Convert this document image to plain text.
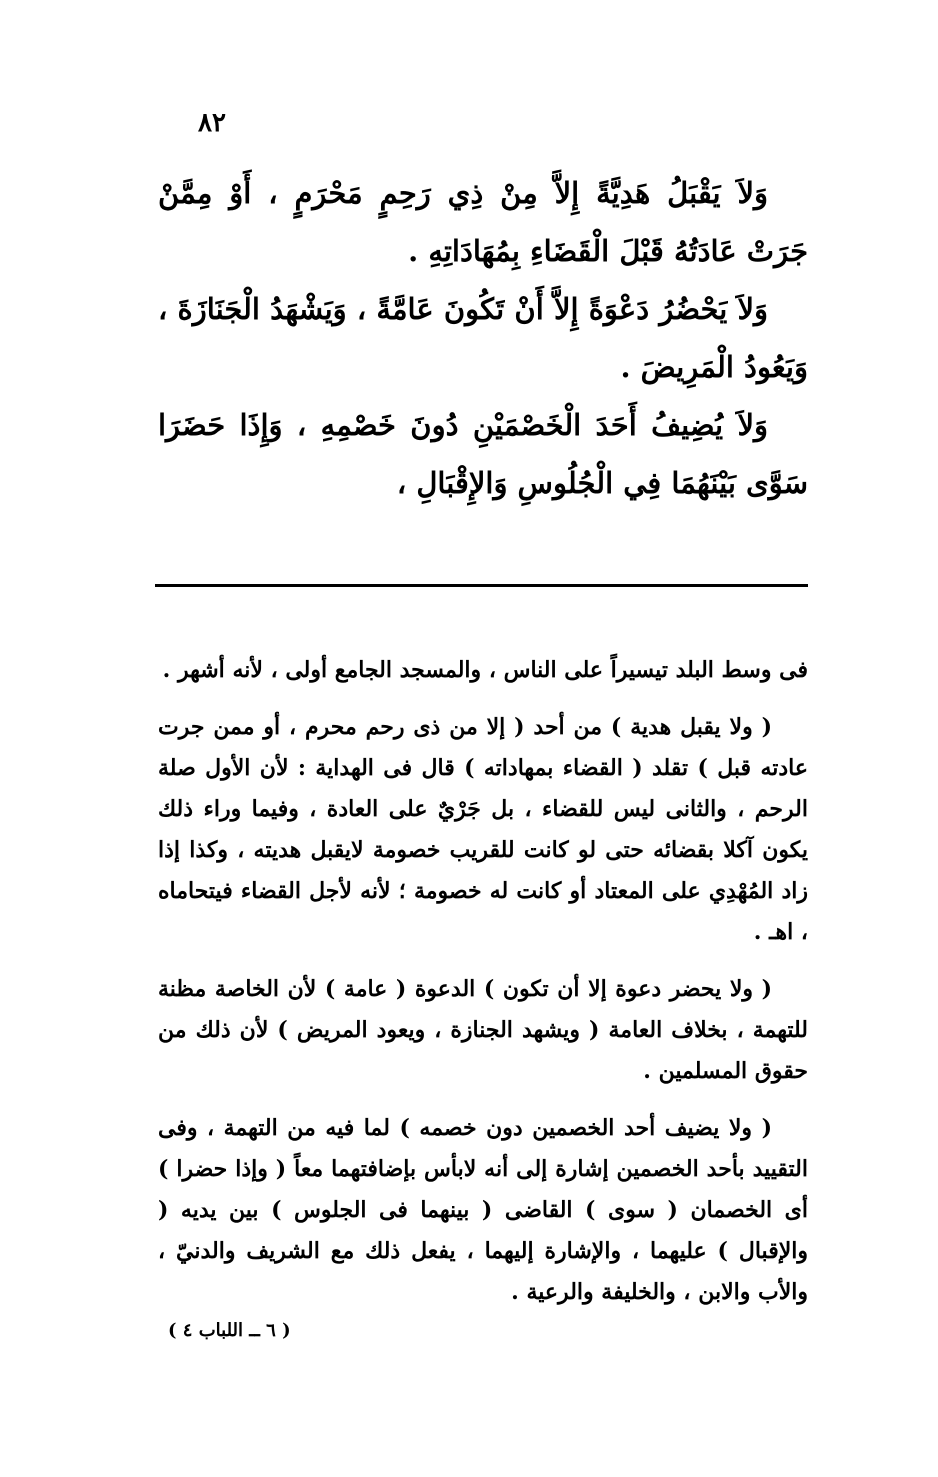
٨٢

وَلاَ يَقْبَلُ هَدِيَّةً إِلاَّ مِنْ ذِي رَحِمٍ مَحْرَمٍ ، أَوْ مِمَّنْ جَرَتْ عَادَتُهُ قَبْلَ الْقَضَاءِ بِمُهَادَاتِهِ .

وَلاَ يَحْضُرُ دَعْوَةً إِلاَّ أَنْ تَكُونَ عَامَّةً ، وَيَشْهَدُ الْجَنَازَةَ ، وَيَعُودُ الْمَرِيضَ .

وَلاَ يُضِيفُ أَحَدَ الْخَصْمَيْنِ دُونَ خَصْمِهِ ، وَإِذَا حَضَرَا سَوَّى بَيْنَهُمَا فِي الْجُلُوسِ وَالإِقْبَالِ ،

فى وسط البلد تيسيراً على الناس ، والمسجد الجامع أولى ، لأنه أشهر .

( ولا يقبل هدية ) من أحد ( إلا من ذى رحم محرم ، أو ممن جرت عادته قبل ) تقلد ( القضاء بمهاداته ) قال فى الهداية : لأن الأول صلة الرحم ، والثانى ليس للقضاء ، بل جَرْيٌ على العادة ، وفيما وراء ذلك يكون آكلا بقضائه حتى لو كانت للقريب خصومة لايقبل هديته ، وكذا إذا زاد المُهْدِي على المعتاد أو كانت له خصومة ؛ لأنه لأجل القضاء فيتحاماه ، اهـ .

( ولا يحضر دعوة إلا أن تكون ) الدعوة ( عامة ) لأن الخاصة مظنة للتهمة ، بخلاف العامة ( ويشهد الجنازة ، ويعود المريض ) لأن ذلك من حقوق المسلمين .

( ولا يضيف أحد الخصمين دون خصمه ) لما فيه من التهمة ، وفى التقييد بأحد الخصمين إشارة إلى أنه لابأس بإضافتهما معاً ( وإذا حضرا ) أى الخصمان ( سوى ) القاضى ( بينهما فى الجلوس ) بين يديه ( والإقبال ) عليهما ، والإشارة إليهما ، يفعل ذلك مع الشريف والدنيّ ، والأب والابن ، والخليفة والرعية .

( ٦ ــ اللباب ٤ )
